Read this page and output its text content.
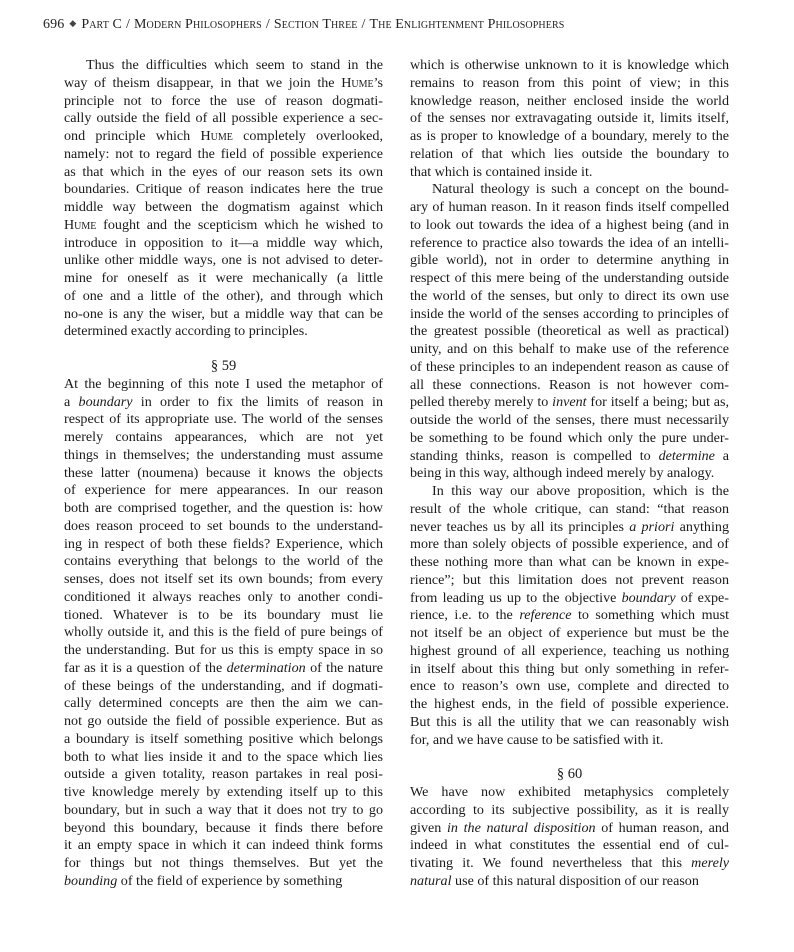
696 ◆ Part C / Modern Philosophers / Section Three / The Enlightenment Philosophers

Thus the difficulties which seem to stand in the
way of theism disappear, in that we join the Hume’s
principle not to force the use of reason dogmati-
cally outside the field of all possible experience a sec-
ond principle which Hume completely overlooked,
namely: not to regard the field of possible experience
as that which in the eyes of our reason sets its own
boundaries. Critique of reason indicates here the true
middle way between the dogmatism against which
Hume fought and the scepticism which he wished to
introduce in opposition to it—a middle way which,
unlike other middle ways, one is not advised to deter-
mine for oneself as it were mechanically (a little
of one and a little of the other), and through which
no-one is any the wiser, but a middle way that can be
determined exactly according to principles.

§ 59

At the beginning of this note I used the metaphor of
a boundary in order to fix the limits of reason in
respect of its appropriate use. The world of the senses
merely contains appearances, which are not yet
things in themselves; the understanding must assume
these latter (noumena) because it knows the objects
of experience for mere appearances. In our reason
both are comprised together, and the question is: how
does reason proceed to set bounds to the understand-
ing in respect of both these fields? Experience, which
contains everything that belongs to the world of the
senses, does not itself set its own bounds; from every
conditioned it always reaches only to another condi-
tioned. Whatever is to be its boundary must lie
wholly outside it, and this is the field of pure beings of
the understanding. But for us this is empty space in so
far as it is a question of the determination of the nature
of these beings of the understanding, and if dogmati-
cally determined concepts are then the aim we can-
not go outside the field of possible experience. But as
a boundary is itself something positive which belongs
both to what lies inside it and to the space which lies
outside a given totality, reason partakes in real posi-
tive knowledge merely by extending itself up to this
boundary, but in such a way that it does not try to go
beyond this boundary, because it finds there before
it an empty space in which it can indeed think forms
for things but not things themselves. But yet the
bounding of the field of experience by something

which is otherwise unknown to it is knowledge which
remains to reason from this point of view; in this
knowledge reason, neither enclosed inside the world
of the senses nor extravagating outside it, limits itself,
as is proper to knowledge of a boundary, merely to the
relation of that which lies outside the boundary to
that which is contained inside it.

Natural theology is such a concept on the bound-
ary of human reason. In it reason finds itself compelled
to look out towards the idea of a highest being (and in
reference to practice also towards the idea of an intelli-
gible world), not in order to determine anything in
respect of this mere being of the understanding outside
the world of the senses, but only to direct its own use
inside the world of the senses according to principles of
the greatest possible (theoretical as well as practical)
unity, and on this behalf to make use of the reference
of these principles to an independent reason as cause of
all these connections. Reason is not however com-
pelled thereby merely to invent for itself a being; but as,
outside the world of the senses, there must necessarily
be something to be found which only the pure under-
standing thinks, reason is compelled to determine a
being in this way, although indeed merely by analogy.

In this way our above proposition, which is the
result of the whole critique, can stand: “that reason
never teaches us by all its principles a priori anything
more than solely objects of possible experience, and of
these nothing more than what can be known in expe-
rience”; but this limitation does not prevent reason
from leading us up to the objective boundary of expe-
rience, i.e. to the reference to something which must
not itself be an object of experience but must be the
highest ground of all experience, teaching us nothing
in itself about this thing but only something in refer-
ence to reason’s own use, complete and directed to
the highest ends, in the field of possible experience.
But this is all the utility that we can reasonably wish
for, and we have cause to be satisfied with it.

§ 60

We have now exhibited metaphysics completely
according to its subjective possibility, as it is really
given in the natural disposition of human reason, and
indeed in what constitutes the essential end of cul-
tivating it. We found nevertheless that this merely
natural use of this natural disposition of our reason
